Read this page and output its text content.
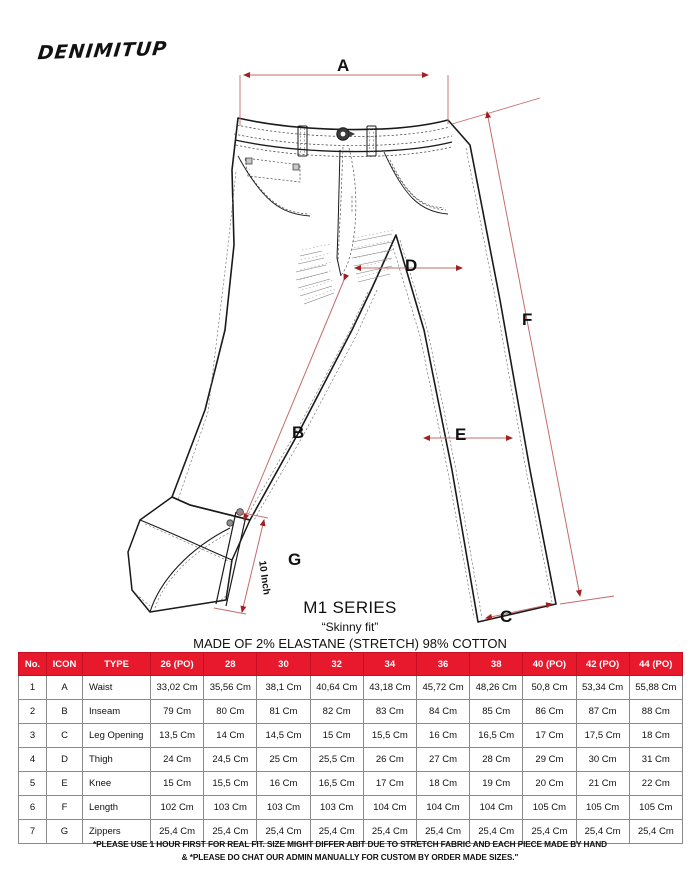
DENIMITUP
A
B
C
D
E
F
G
10 Inch
M1 SERIES
“Skinny fit”
MADE OF 2% ELASTANE (STRETCH) 98% COTTON
No.	ICON	TYPE	26 (PO)	28	30	32	34	36	38	40 (PO)	42 (PO)	44 (PO)
1	A	Waist	33,02 Cm	35,56 Cm	38,1 Cm	40,64 Cm	43,18 Cm	45,72 Cm	48,26 Cm	50,8 Cm	53,34 Cm	55,88 Cm
2	B	Inseam	79 Cm	80 Cm	81 Cm	82 Cm	83 Cm	84 Cm	85 Cm	86 Cm	87 Cm	88 Cm
3	C	Leg Opening	13,5 Cm	14 Cm	14,5 Cm	15 Cm	15,5 Cm	16 Cm	16,5 Cm	17 Cm	17,5 Cm	18 Cm
4	D	Thigh	24 Cm	24,5 Cm	25 Cm	25,5 Cm	26 Cm	27 Cm	28 Cm	29 Cm	30 Cm	31 Cm
5	E	Knee	15 Cm	15,5 Cm	16 Cm	16,5 Cm	17 Cm	18 Cm	19 Cm	20 Cm	21 Cm	22 Cm
6	F	Length	102 Cm	103 Cm	103 Cm	103 Cm	104 Cm	104 Cm	104 Cm	105 Cm	105 Cm	105 Cm
7	G	Zippers	25,4 Cm	25,4 Cm	25,4 Cm	25,4 Cm	25,4 Cm	25,4 Cm	25,4 Cm	25,4 Cm	25,4 Cm	25,4 Cm
*PLEASE USE 1 HOUR FIRST FOR REAL FIT. SIZE MIGHT DIFFER ABIT DUE TO STRETCH FABRIC AND EACH PIECE MADE BY HAND
& *PLEASE DO CHAT OUR ADMIN MANUALLY FOR CUSTOM BY ORDER MADE SIZES."
